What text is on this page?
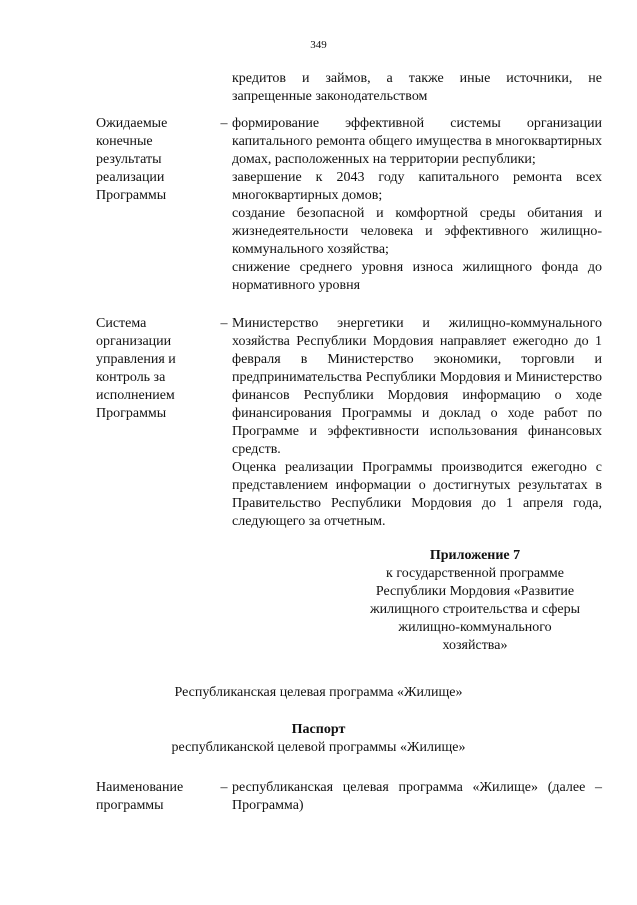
349
кредитов и займов, а также иные источники, не
запрещенные законодательством
Ожидаемые
конечные
результаты
реализации
Программы
– формирование эффективной системы организации капитального ремонта общего имущества в многоквартирных домах, расположенных на территории республики;

завершение к 2043 году капитального ремонта всех многоквартирных домов;

создание безопасной и комфортной среды обитания и жизнедеятельности человека и эффективного жилищно-коммунального хозяйства;

снижение среднего уровня износа жилищного фонда до нормативного уровня

Система
организации
управления и
контроль за
исполнением
Программы
– Министерство энергетики и жилищно-коммунального хозяйства Республики Мордовия направляет ежегодно до 1 февраля в Министерство экономики, торговли и предпринимательства Республики Мордовия и Министерство финансов Республики Мордовия информацию о ходе финансирования Программы и доклад о ходе работ по Программе и эффективности использования финансовых средств.

Оценка реализации Программы производится ежегодно с представлением информации о достигнутых результатах в Правительство Республики Мордовия до 1 апреля года, следующего за отчетным.

Приложение 7
к государственной программе
Республики Мордовия «Развитие
жилищного строительства и сферы
жилищно-коммунального
хозяйства»
Республиканская целевая программа «Жилище»
Паспорт
республиканской целевой программы «Жилище»
Наименование
программы
– республиканская целевая программа «Жилище» (далее – Программа)
